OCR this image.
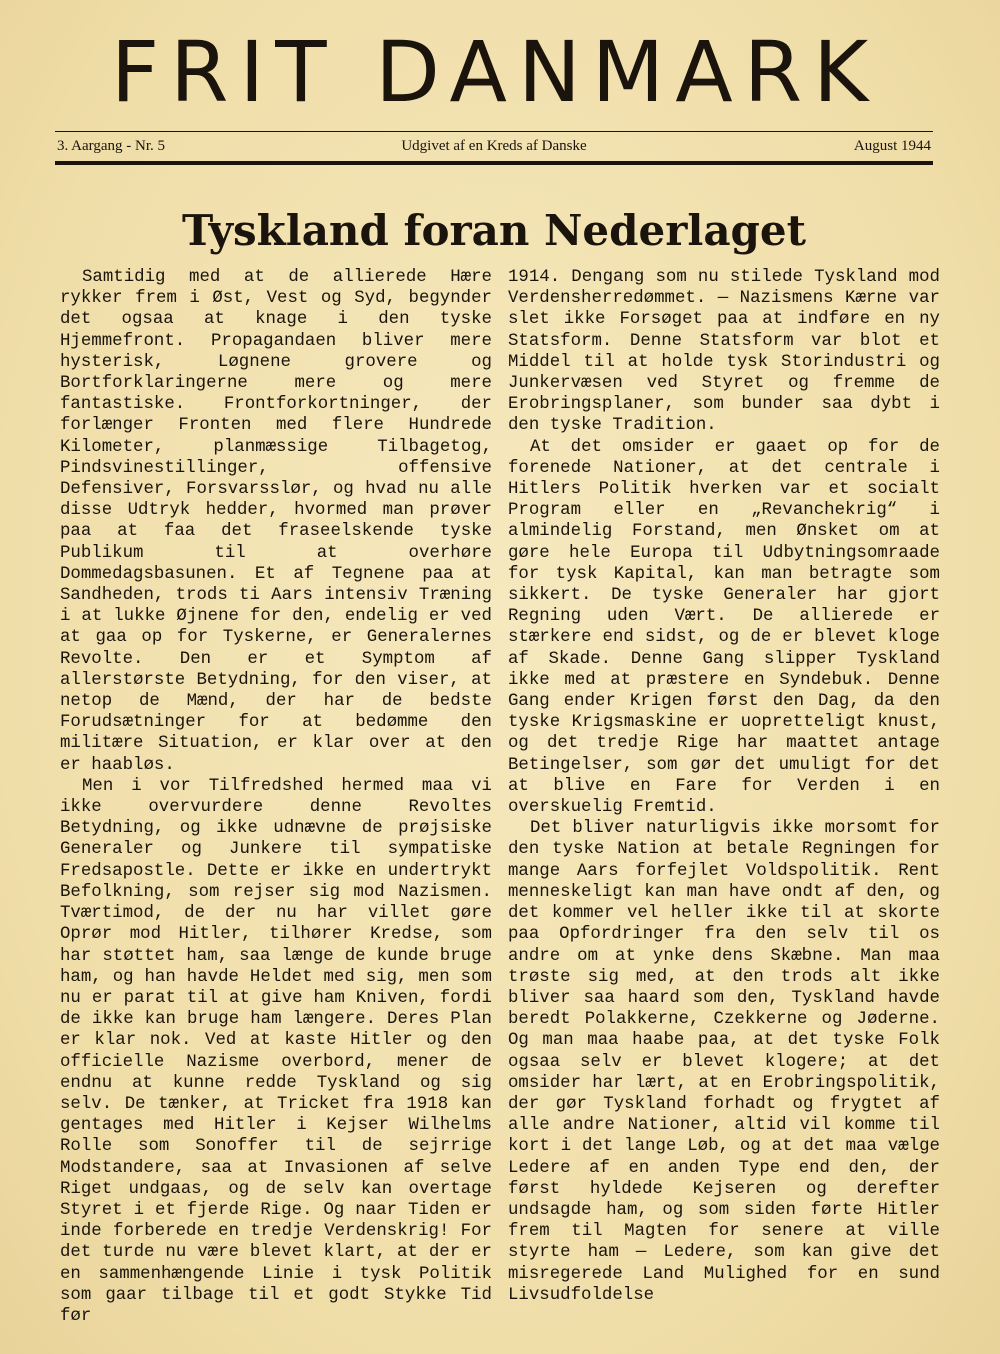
FRIT DANMARK
3. Aargang - Nr. 5	Udgivet af en Kreds af Danske	August 1944
Tyskland foran Nederlaget

Samtidig med at de allierede Hære rykker frem i Øst, Vest og Syd, begynder det ogsaa at knage i den tyske Hjemmefront. Propagandaen bliver mere hysterisk, Løgnene grovere og Bortforklaringerne mere og mere fantastiske. Frontforkortninger, der forlænger Fronten med flere Hundrede Kilometer, planmæssige Tilbagetog, Pindsvinestillinger, offensive Defensiver, Forsvarsslør, og hvad nu alle disse Udtryk hedder, hvormed man prøver paa at faa det fraseelskende tyske Publikum til at overhøre Dommedagsbasunen. Et af Tegnene paa at Sandheden, trods ti Aars intensiv Træning i at lukke Øjnene for den, endelig er ved at gaa op for Tyskerne, er Generalernes Revolte. Den er et Symptom af allerstørste Betydning, for den viser, at netop de Mænd, der har de bedste Forudsætninger for at bedømme den militære Situation, er klar over at den er haabløs.

Men i vor Tilfredshed hermed maa vi ikke overvurdere denne Revoltes Betydning, og ikke udnævne de prøjsiske Generaler og Junkere til sympatiske Fredsapostle. Dette er ikke en undertrykt Befolkning, som rejser sig mod Nazismen. Tværtimod, de der nu har villet gøre Oprør mod Hitler, tilhører Kredse, som har støttet ham, saa længe de kunde bruge ham, og han havde Heldet med sig, men som nu er parat til at give ham Kniven, fordi de ikke kan bruge ham længere. Deres Plan er klar nok. Ved at kaste Hitler og den officielle Nazisme overbord, mener de endnu at kunne redde Tyskland og sig selv. De tænker, at Tricket fra 1918 kan gentages med Hitler i Kejser Wilhelms Rolle som Sonoffer til de sejrrige Modstandere, saa at Invasionen af selve Riget undgaas, og de selv kan overtage Styret i et fjerde Rige. Og naar Tiden er inde forberede en tredje Verdenskrig! For det turde nu være blevet klart, at der er en sammenhængende Linie i tysk Politik som gaar tilbage til et godt Stykke Tid før

1914. Dengang som nu stilede Tyskland mod Verdensherredømmet. — Nazismens Kærne var slet ikke Forsøget paa at indføre en ny Statsform. Denne Statsform var blot et Middel til at holde tysk Storindustri og Junkervæsen ved Styret og fremme de Erobringsplaner, som bunder saa dybt i den tyske Tradition.

At det omsider er gaaet op for de forenede Nationer, at det centrale i Hitlers Politik hverken var et socialt Program eller en „Revanchekrig“ i almindelig Forstand, men Ønsket om at gøre hele Europa til Udbytningsomraade for tysk Kapital, kan man betragte som sikkert. De tyske Generaler har gjort Regning uden Vært. De allierede er stærkere end sidst, og de er blevet kloge af Skade. Denne Gang slipper Tyskland ikke med at præstere en Syndebuk. Denne Gang ender Krigen først den Dag, da den tyske Krigsmaskine er uopretteligt knust, og det tredje Rige har maattet antage Betingelser, som gør det umuligt for det at blive en Fare for Verden i en overskuelig Fremtid.

Det bliver naturligvis ikke morsomt for den tyske Nation at betale Regningen for mange Aars forfejlet Voldspolitik. Rent menneskeligt kan man have ondt af den, og det kommer vel heller ikke til at skorte paa Opfordringer fra den selv til os andre om at ynke dens Skæbne. Man maa trøste sig med, at den trods alt ikke bliver saa haard som den, Tyskland havde beredt Polakkerne, Czekkerne og Jøderne. Og man maa haabe paa, at det tyske Folk ogsaa selv er blevet klogere; at det omsider har lært, at en Erobringspolitik, der gør Tyskland forhadt og frygtet af alle andre Nationer, altid vil komme til kort i det lange Løb, og at det maa vælge Ledere af en anden Type end den, der først hyldede Kejseren og derefter undsagde ham, og som siden førte Hitler frem til Magten for senere at ville styrte ham — Ledere, som kan give det misregerede Land Mulighed for en sund Livsudfoldelse
